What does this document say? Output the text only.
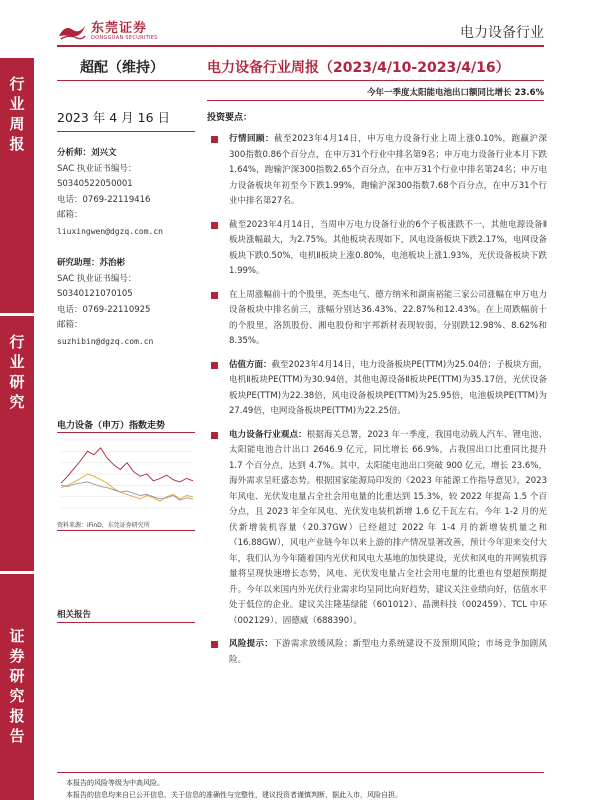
东莞证券
DONGGUAN SECURITIES	电力设备行业
行
业
周
报
行
业
研
究
证
券
研
究
报
告
超配（维持）	电力设备行业周报（2023/4/10-2023/4/16）
今年一季度太阳能电池出口额同比增长 23.6%
2023 年 4 月 16 日
分析师：刘兴文
SAC 执业证书编号：
S0340522050001
电话：0769-22119416
邮箱：
liuxingwen@dgzq.com.cn
研究助理：苏治彬
SAC 执业证书编号：
S0340121070105
电话：0769-22110925
邮箱：
suzhibin@dgzq.com.cn
电力设备（申万）指数走势
资料来源：iFinD，东莞证券研究所
相关报告
投资要点：
行情回顾：截至2023年4月14日，申万电力设备行业上周上涨0.10%，跑赢沪深300指数0.86个百分点，在申万31个行业中排名第9名；申万电力设备行业本月下跌1.64%，跑输沪深300指数2.65个百分点，在申万31个行业中排名第24名；申万电力设备板块年初至今下跌1.99%，跑输沪深300指数7.68个百分点，在申万31个行业中排名第27名。
截至2023年4月14日，当周申万电力设备行业的6个子板涨跌不一，其他电源设备Ⅱ板块涨幅最大，为2.75%。其他板块表现如下，风电设备板块下跌2.17%，电网设备板块下跌0.50%，电机Ⅱ板块上涨0.80%，电池板块上涨1.93%，光伏设备板块下跌1.99%。
在上周涨幅前十的个股里，英杰电气、德方纳米和湖南裕能三家公司涨幅在申万电力设备板块中排名前三，涨幅分别达36.43%、22.87%和12.43%。在上周跌幅前十的个股里，洛凯股份、湘电股份和宇邦新材表现较弱，分别跌12.98%、8.62%和8.35%。
估值方面：截至2023年4月14日，电力设备板块PE(TTM)为25.04倍；子板块方面，电机Ⅱ板块PE(TTM)为30.94倍，其他电源设备Ⅱ板块PE(TTM)为35.17倍，光伏设备板块PE(TTM)为22.38倍，风电设备板块PE(TTM)为25.95倍，电池板块PE(TTM)为27.49倍，电网设备板块PE(TTM)为22.25倍。
电力设备行业观点：根据海关总署，2023 年一季度，我国电动载人汽车、锂电池、太阳能电池合计出口 2646.9 亿元，同比增长 66.9%，占我国出口比重同比提升 1.7 个百分点，达到 4.7%。其中，太阳能电池出口突破 900 亿元，增长 23.6%，海外需求呈旺盛态势。根据国家能源局印发的《2023 年能源工作指导意见》，2023 年风电、光伏发电量占全社会用电量的比重达到 15.3%，较 2022 年提高 1.5 个百分点，且 2023 年全年风电、光伏发电装机新增 1.6 亿千瓦左右。今年 1-2 月的光伏新增装机容量（20.37GW）已经超过 2022 年 1-4 月的新增装机量之和（16.88GW），风电产业链今年以来上游的排产情况显著改善，预计今年迎来交付大年，我们认为今年随着国内光伏和风电大基地的加快建设，光伏和风电的并网装机容量将呈现快速增长态势，风电、光伏发电量占全社会用电量的比重也有望超预期提升。今年以来国内外光伏行业需求均呈同比向好趋势，建议关注业绩向好，估值水平处于低位的企业。建议关注隆基绿能（601012）、晶澳科技（002459）、TCL 中环（002129）、固德威（688390）。
风险提示：下游需求放缓风险；新型电力系统建设不及预期风险；市场竞争加剧风险。
本报告的风险等级为中高风险。
本报告的信息均来自已公开信息，关于信息的准确性与完整性，建议投资者谨慎判断，据此入市，风险自担。
